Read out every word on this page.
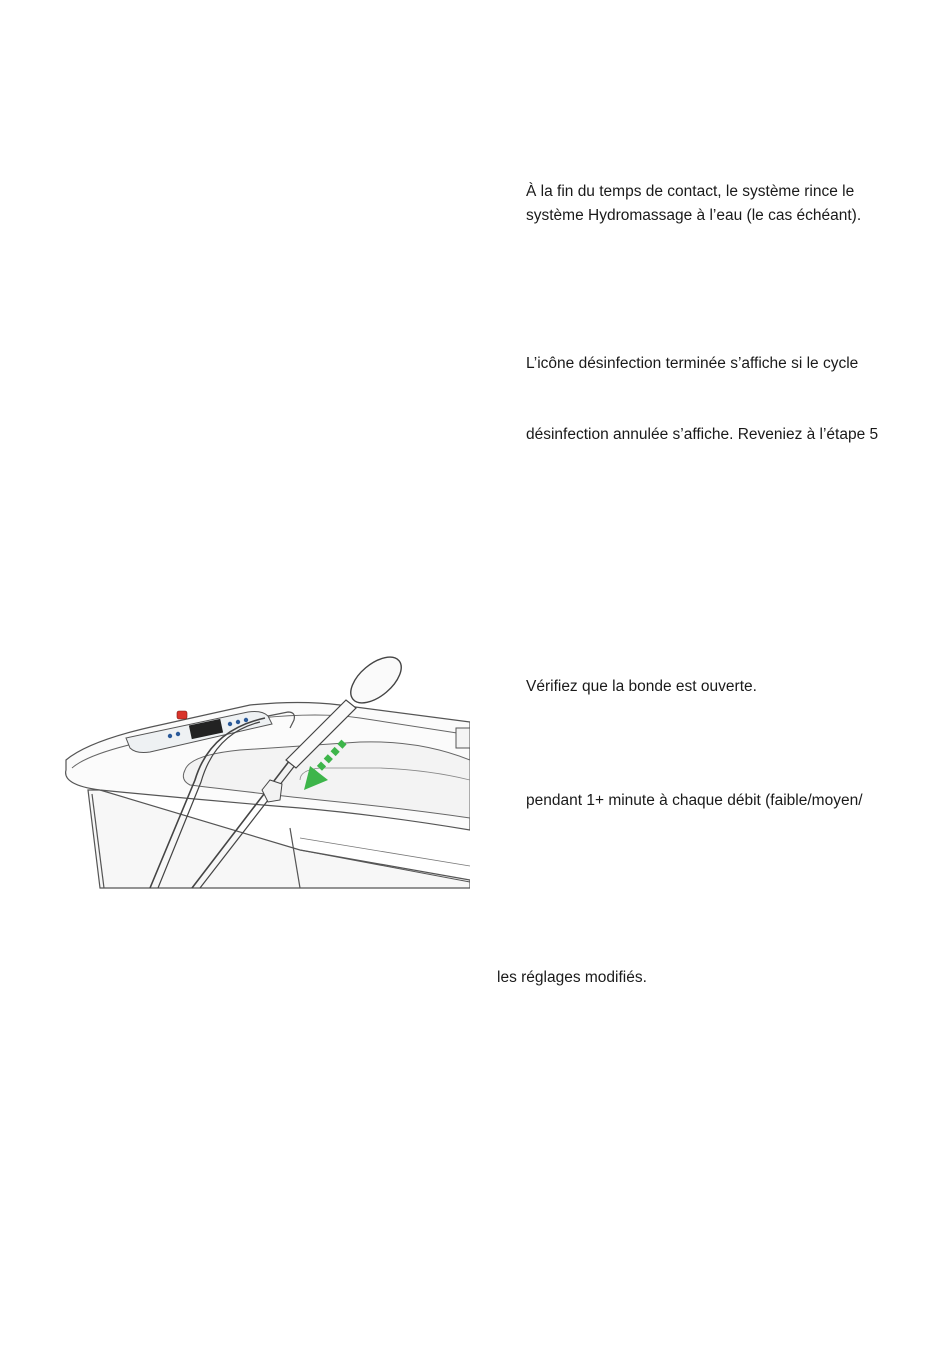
À la fin du temps de contact, le système rince le
système Hydromassage à l’eau (le cas échéant).
L’icône désinfection terminée s’affiche si le cycle
désinfection annulée s’affiche. Reveniez à l’étape 5
Vérifiez que la bonde est ouverte.
pendant 1+ minute à chaque débit (faible/moyen/
les réglages modifiés.
